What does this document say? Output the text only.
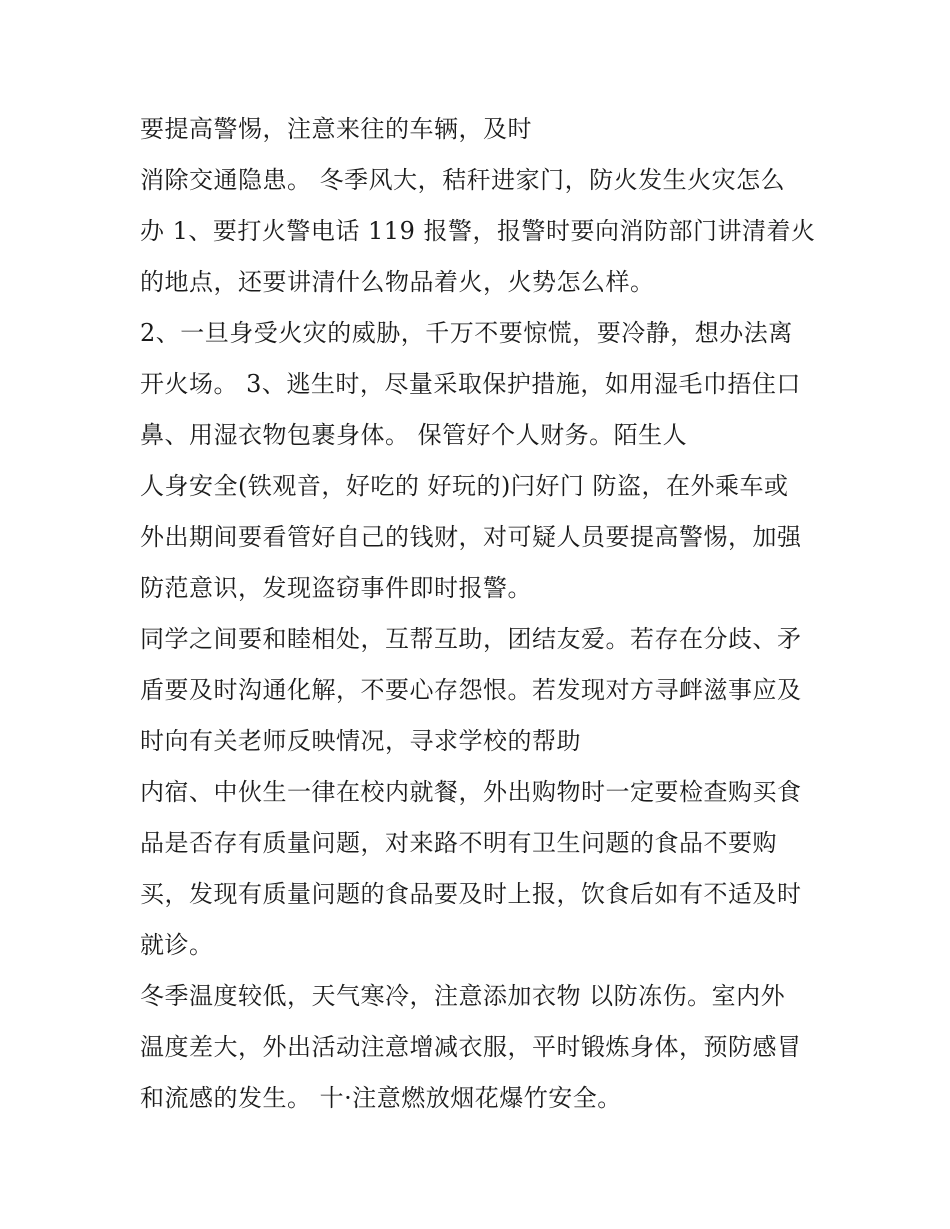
要提高警惕，注意来往的车辆，及时
消除交通隐患。 冬季风大，秸秆进家门，防火发生火灾怎么
办 1、要打火警电话 119 报警，报警时要向消防部门讲清着火
的地点，还要讲清什么物品着火，火势怎么样。
2、一旦身受火灾的威胁，千万不要惊慌，要冷静，想办法离
开火场。 3、逃生时，尽量采取保护措施，如用湿毛巾捂住口
鼻、用湿衣物包裹身体。 保管好个人财务。陌生人
人身安全(铁观音，好吃的 好玩的)闩好门 防盗，在外乘车或
外出期间要看管好自己的钱财，对可疑人员要提高警惕，加强
防范意识，发现盗窃事件即时报警。
同学之间要和睦相处，互帮互助，团结友爱。若存在分歧、矛
盾要及时沟通化解，不要心存怨恨。若发现对方寻衅滋事应及
时向有关老师反映情况，寻求学校的帮助
内宿、中伙生一律在校内就餐，外出购物时一定要检查购买食
品是否存有质量问题，对来路不明有卫生问题的食品不要购
买，发现有质量问题的食品要及时上报，饮食后如有不适及时
就诊。
冬季温度较低，天气寒冷，注意添加衣物 以防冻伤。室内外
温度差大，外出活动注意增减衣服，平时锻炼身体，预防感冒
和流感的发生。 十·注意燃放烟花爆竹安全。
